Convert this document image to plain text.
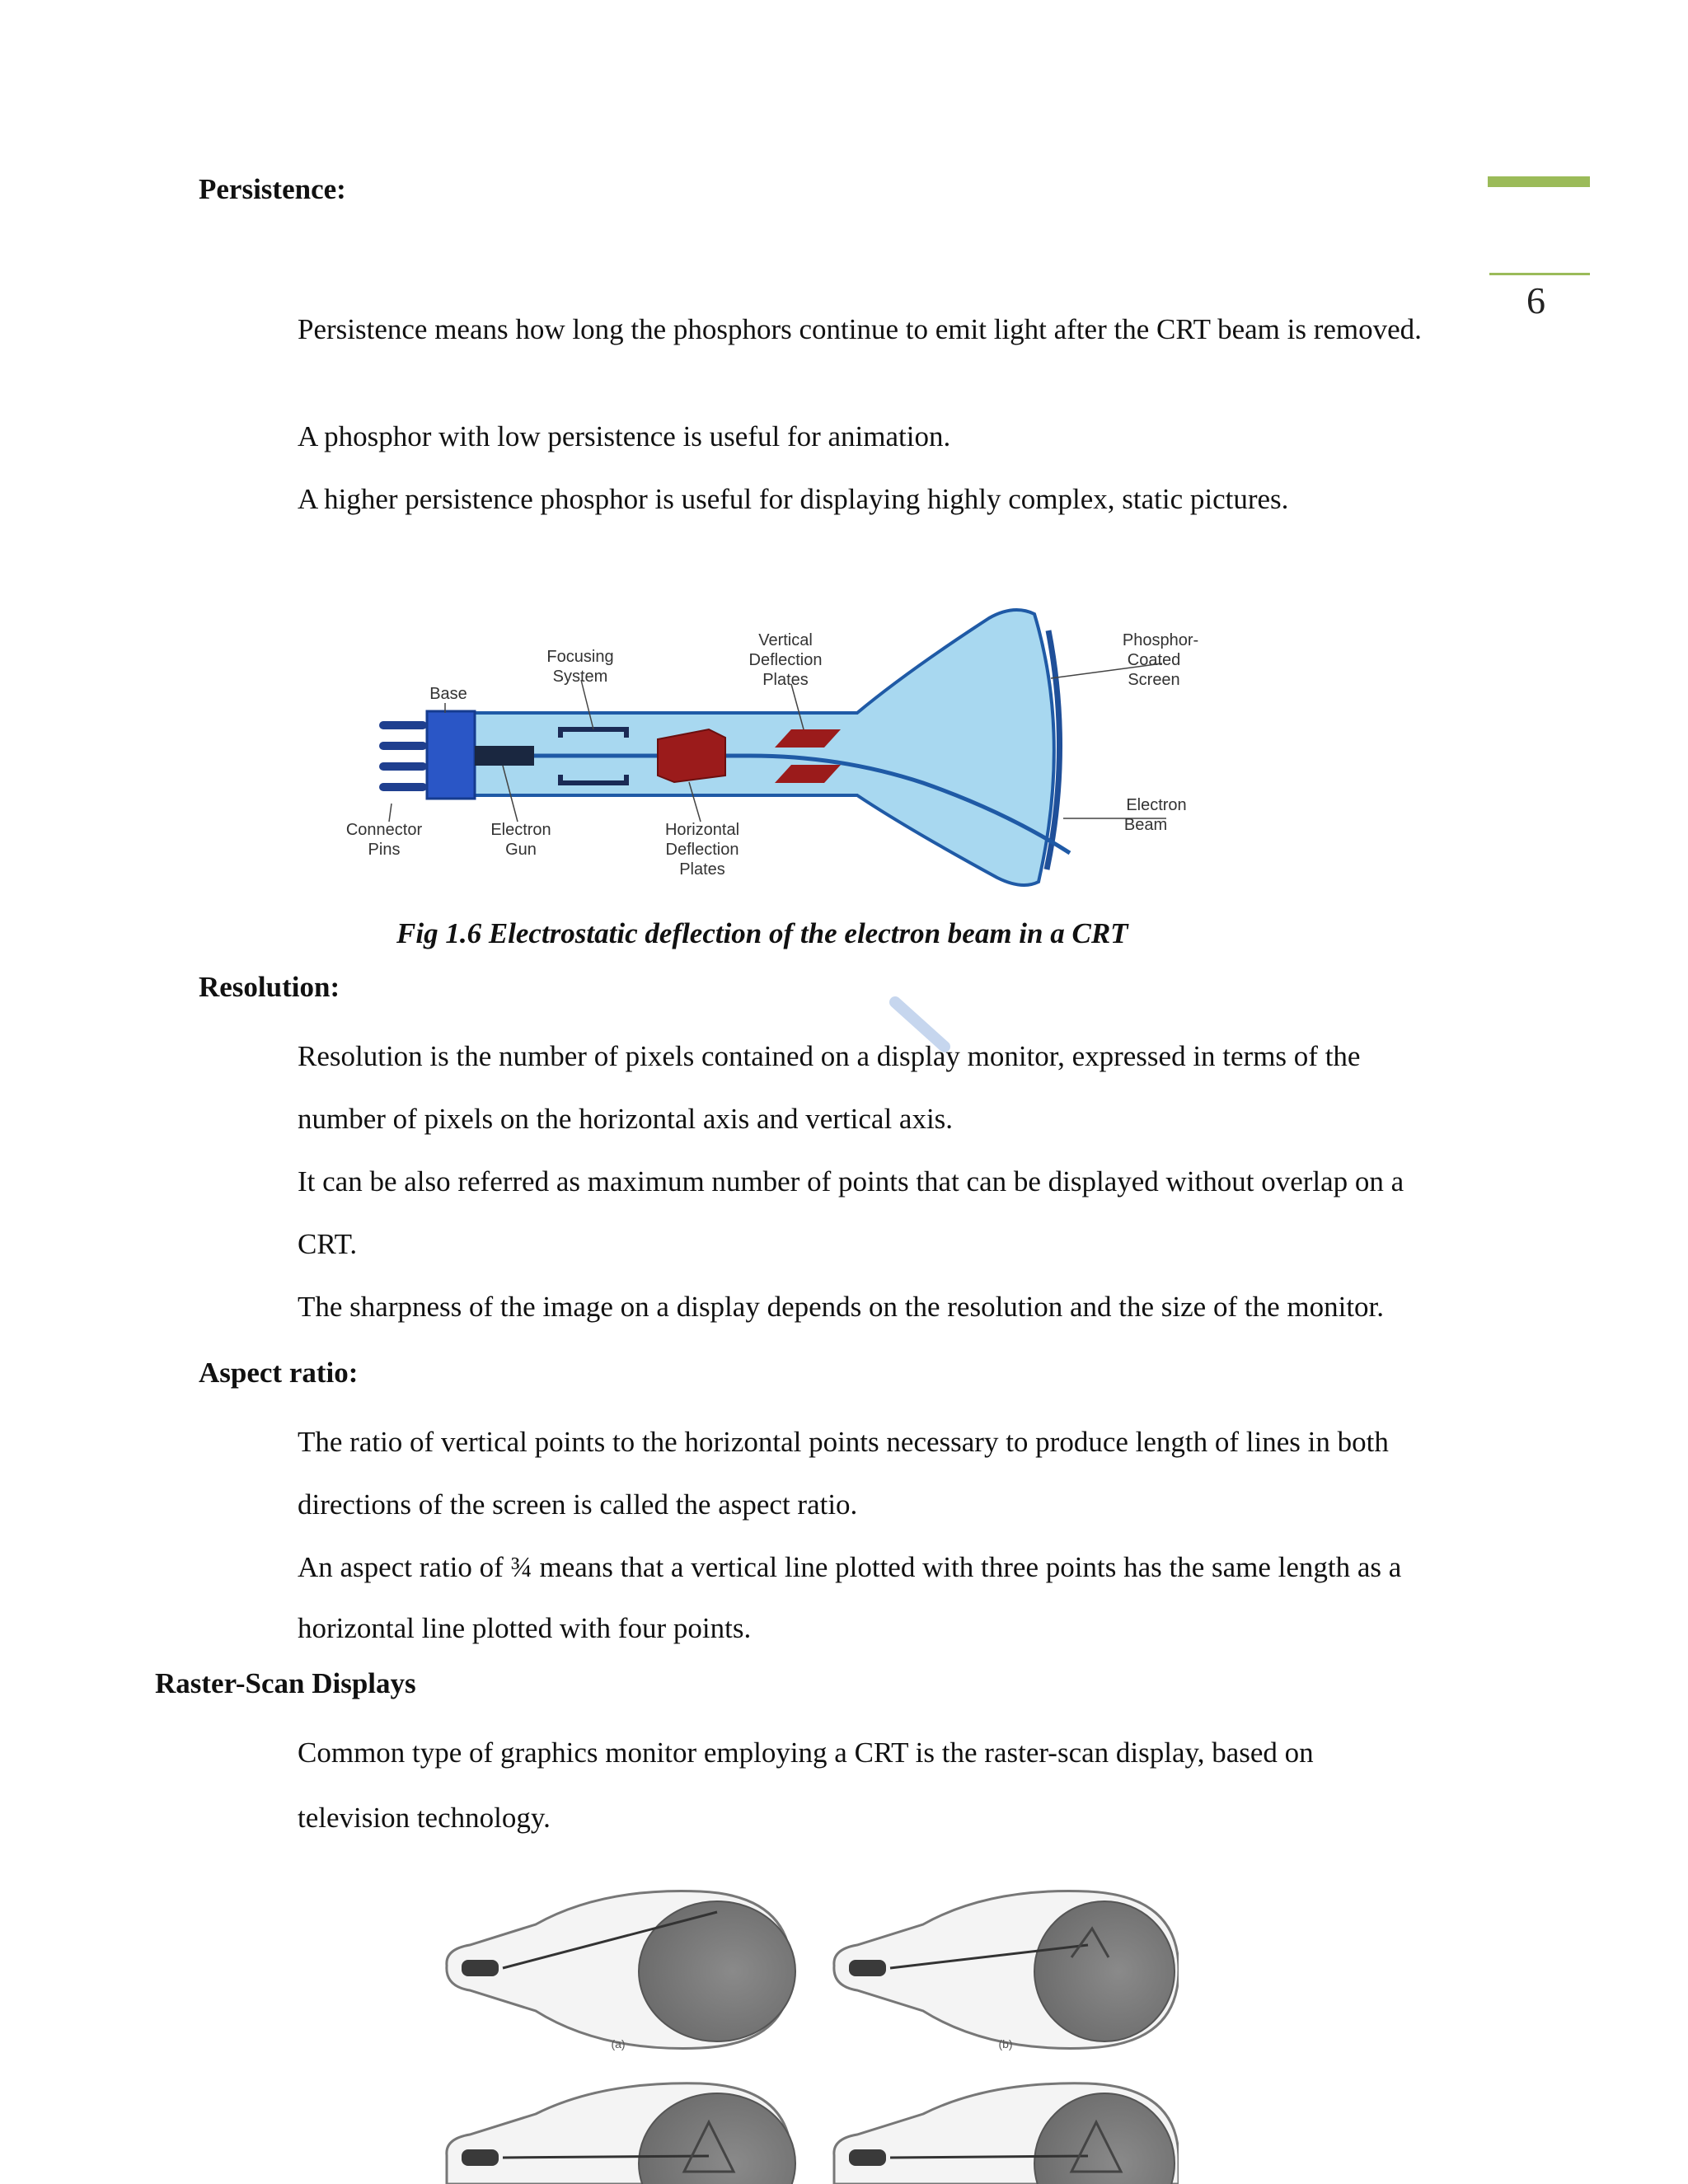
6
Persistence:
Persistence means how long the phosphors continue to emit light after the CRT beam is removed.
A phosphor with low persistence is useful for animation.
A higher persistence phosphor is useful for displaying highly complex, static pictures.
Base
Focusing
System
Vertical
Deflection
Plates
Phosphor-
Coated
Screen
Connector
Pins
Electron
Gun
Horizontal
Deflection
Plates
Electron
Beam
Fig 1.6 Electrostatic deflection of the electron beam in a CRT
Resolution:
Resolution is the number of pixels contained on a display monitor, expressed in terms of the
number of pixels on the horizontal axis and vertical axis.
It can be also referred as maximum number of points that can be displayed without overlap on a
CRT.
The sharpness of the image on a display depends on the resolution and the size of the monitor.
Aspect ratio:
The ratio of vertical points to the horizontal points necessary to produce length of lines in both
directions of the screen is called the aspect ratio.
An aspect ratio of ¾ means that a vertical line plotted with three points has the same length as a
horizontal line plotted with four points.
Raster-Scan Displays
Common type of graphics monitor employing a CRT is the raster-scan display, based on
television technology.
(a)	(b)
